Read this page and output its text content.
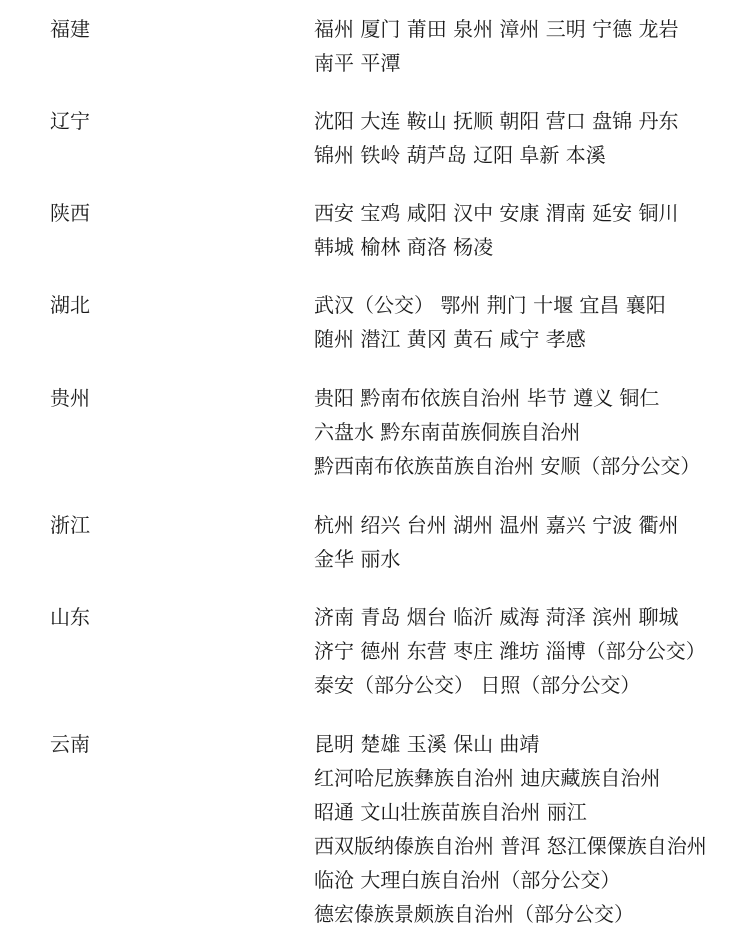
福建	福州 厦门 莆田 泉州 漳州 三明 宁德 龙岩
南平 平潭
辽宁	沈阳 大连 鞍山 抚顺 朝阳 营口 盘锦 丹东
锦州 铁岭 葫芦岛 辽阳 阜新 本溪
陕西	西安 宝鸡 咸阳 汉中 安康 渭南 延安 铜川
韩城 榆林 商洛 杨凌
湖北	武汉（公交） 鄂州 荆门 十堰 宜昌 襄阳
随州 潜江 黄冈 黄石 咸宁 孝感
贵州	贵阳 黔南布依族自治州 毕节 遵义 铜仁
六盘水 黔东南苗族侗族自治州
黔西南布依族苗族自治州 安顺（部分公交）
浙江	杭州 绍兴 台州 湖州 温州 嘉兴 宁波 衢州
金华 丽水
山东	济南 青岛 烟台 临沂 威海 菏泽 滨州 聊城
济宁 德州 东营 枣庄 潍坊 淄博（部分公交）
泰安（部分公交） 日照（部分公交）
云南	昆明 楚雄 玉溪 保山 曲靖
红河哈尼族彝族自治州 迪庆藏族自治州
昭通 文山壮族苗族自治州 丽江
西双版纳傣族自治州 普洱 怒江傈僳族自治州
临沧 大理白族自治州（部分公交）
德宏傣族景颇族自治州（部分公交）
